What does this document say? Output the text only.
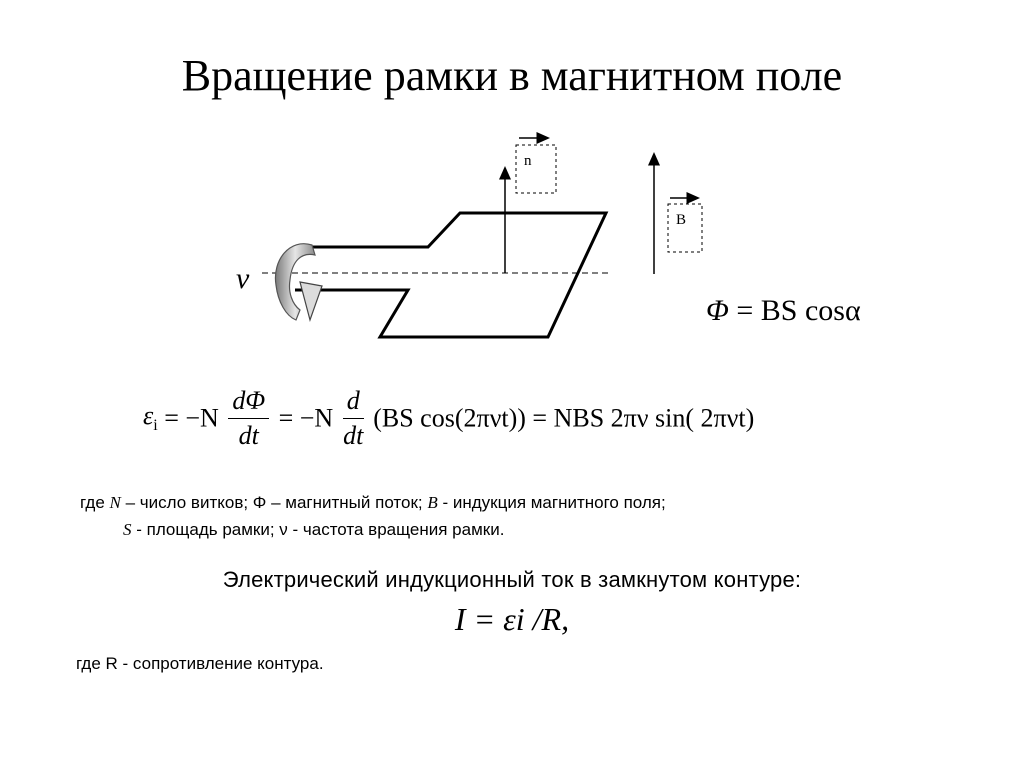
Вращение рамки в магнитном поле
n
B
ν
Φ = BS cosα
$\varepsilon_i = -N \frac{d\Phi}{dt} = -N \frac{d}{dt} (BS$ cos(2πνt)) = NBS 2πν sin( 2πνt)
где N – число витков; Φ – магнитный поток; B - индукция магнитного поля;
S - площадь рамки; ν - частота вращения рамки.
Электрический индукционный ток в замкнутом контуре:
I = εi /R,
где R - сопротивление контура.
